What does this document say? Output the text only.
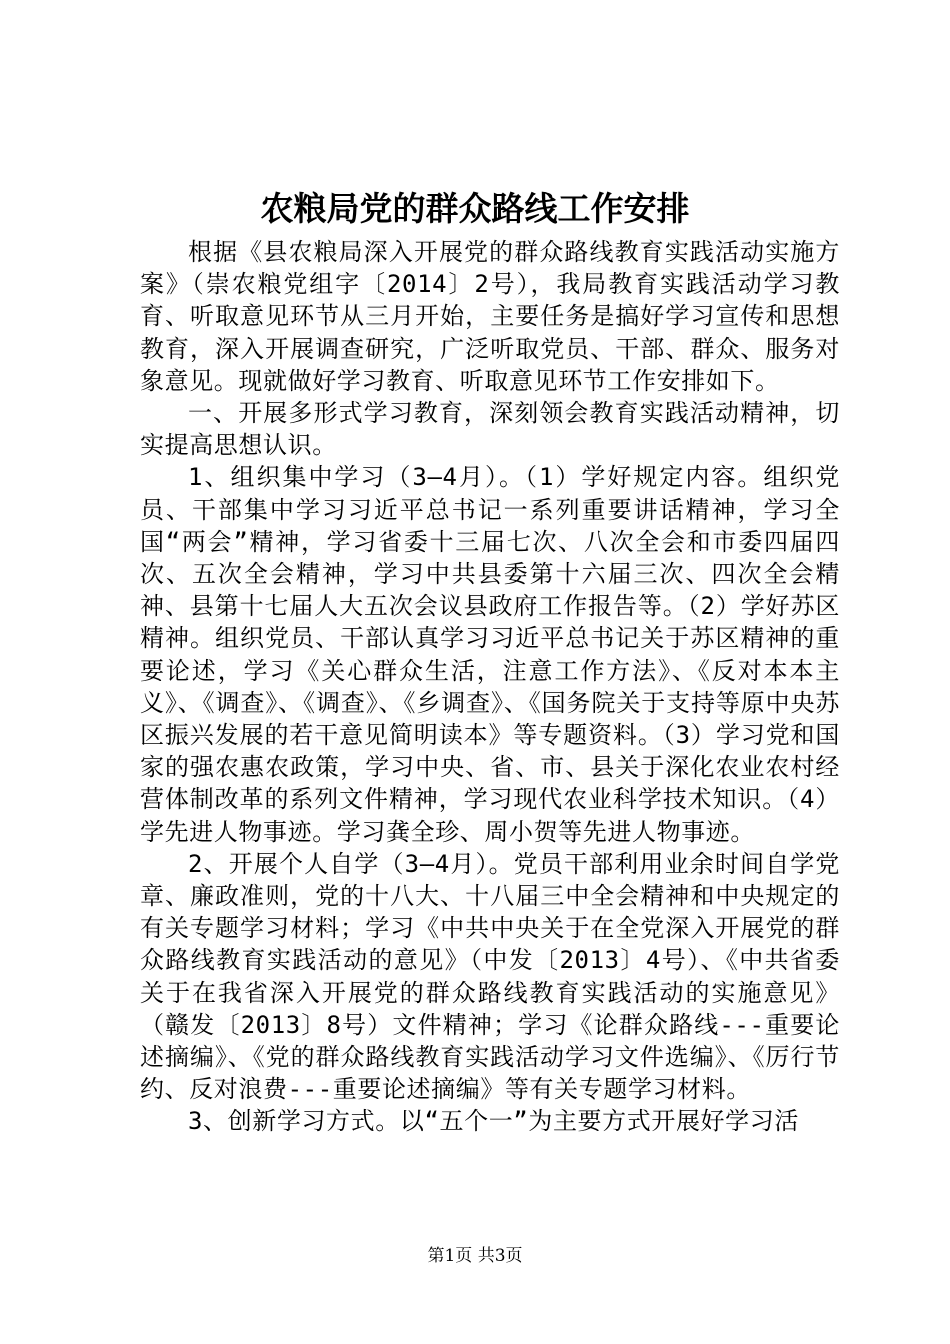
农粮局党的群众路线工作安排

根据《县农粮局深入开展党的群众路线教育实践活动实施方案》（崇农粮党组字〔2014〕2号），我局教育实践活动学习教育、听取意见环节从三月开始，主要任务是搞好学习宣传和思想教育，深入开展调查研究，广泛听取党员、干部、群众、服务对象意见。现就做好学习教育、听取意见环节工作安排如下。

一、开展多形式学习教育，深刻领会教育实践活动精神，切实提高思想认识。

1、组织集中学习（3—4月）。（1）学好规定内容。组织党员、干部集中学习习近平总书记一系列重要讲话精神，学习全国“两会”精神，学习省委十三届七次、八次全会和市委四届四次、五次全会精神，学习中共县委第十六届三次、四次全会精神、县第十七届人大五次会议县政府工作报告等。（2）学好苏区精神。组织党员、干部认真学习习近平总书记关于苏区精神的重要论述，学习《关心群众生活，注意工作方法》、《反对本本主义》、《调查》、《调查》、《乡调查》、《国务院关于支持等原中央苏区振兴发展的若干意见简明读本》等专题资料。（3）学习党和国家的强农惠农政策，学习中央、省、市、县关于深化农业农村经营体制改革的系列文件精神，学习现代农业科学技术知识。（4）学先进人物事迹。学习龚全珍、周小贺等先进人物事迹。

2、开展个人自学（3—4月）。党员干部利用业余时间自学党章、廉政准则，党的十八大、十八届三中全会精神和中央规定的有关专题学习材料；学习《中共中央关于在全党深入开展党的群众路线教育实践活动的意见》（中发〔2013〕4号）、《中共省委关于在我省深入开展党的群众路线教育实践活动的实施意见》（赣发〔2013〕8号）文件精神；学习《论群众路线---重要论述摘编》、《党的群众路线教育实践活动学习文件选编》、《厉行节约、反对浪费---重要论述摘编》等有关专题学习材料。

3、创新学习方式。以“五个一”为主要方式开展好学习活

第1页 共3页
